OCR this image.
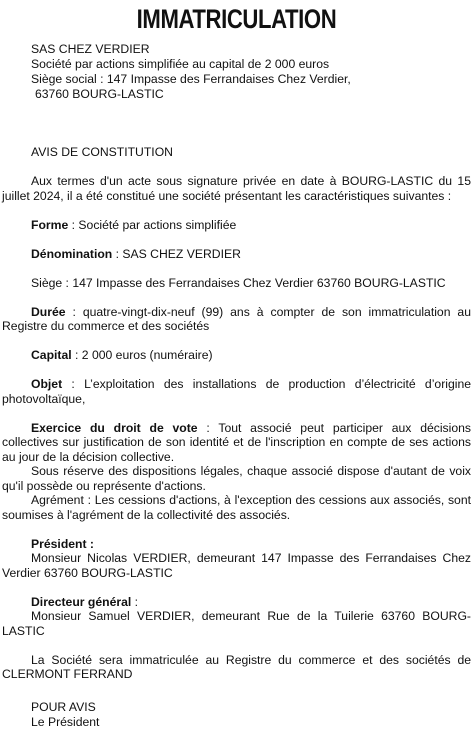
IMMATRICULATION
SAS CHEZ VERDIER
Société par actions simplifiée au capital de 2 000 euros
Siège social : 147 Impasse des Ferrandaises Chez Verdier,
63760 BOURG-LASTIC
AVIS DE CONSTITUTION

Aux termes d'un acte sous signature privée en date à BOURG-LASTIC du 15 juillet 2024, il a été constitué une société présentant les caractéristiques suivantes :

Forme : Société par actions simplifiée

Dénomination : SAS CHEZ VERDIER

Siège : 147 Impasse des Ferrandaises Chez Verdier 63760 BOURG-LASTIC

Durée : quatre-vingt-dix-neuf (99) ans à compter de son immatriculation au Registre du commerce et des sociétés

Capital : 2 000 euros (numéraire)

Objet : L’exploitation des installations de production d’électricité d’origine photovoltaïque,

Exercice du droit de vote : Tout associé peut participer aux décisions collectives sur justification de son identité et de l'inscription en compte de ses actions au jour de la décision collective.

Sous réserve des dispositions légales, chaque associé dispose d'autant de voix qu'il possède ou représente d'actions.

Agrément : Les cessions d'actions, à l'exception des cessions aux associés, sont soumises à l'agrément de la collectivité des associés.

Président :

Monsieur Nicolas VERDIER, demeurant 147 Impasse des Ferrandaises Chez Verdier 63760 BOURG-LASTIC

Directeur général :

Monsieur Samuel VERDIER, demeurant Rue de la Tuilerie 63760 BOURG-LASTIC

La Société sera immatriculée au Registre du commerce et des sociétés de CLERMONT FERRAND

POUR AVIS
Le Président
